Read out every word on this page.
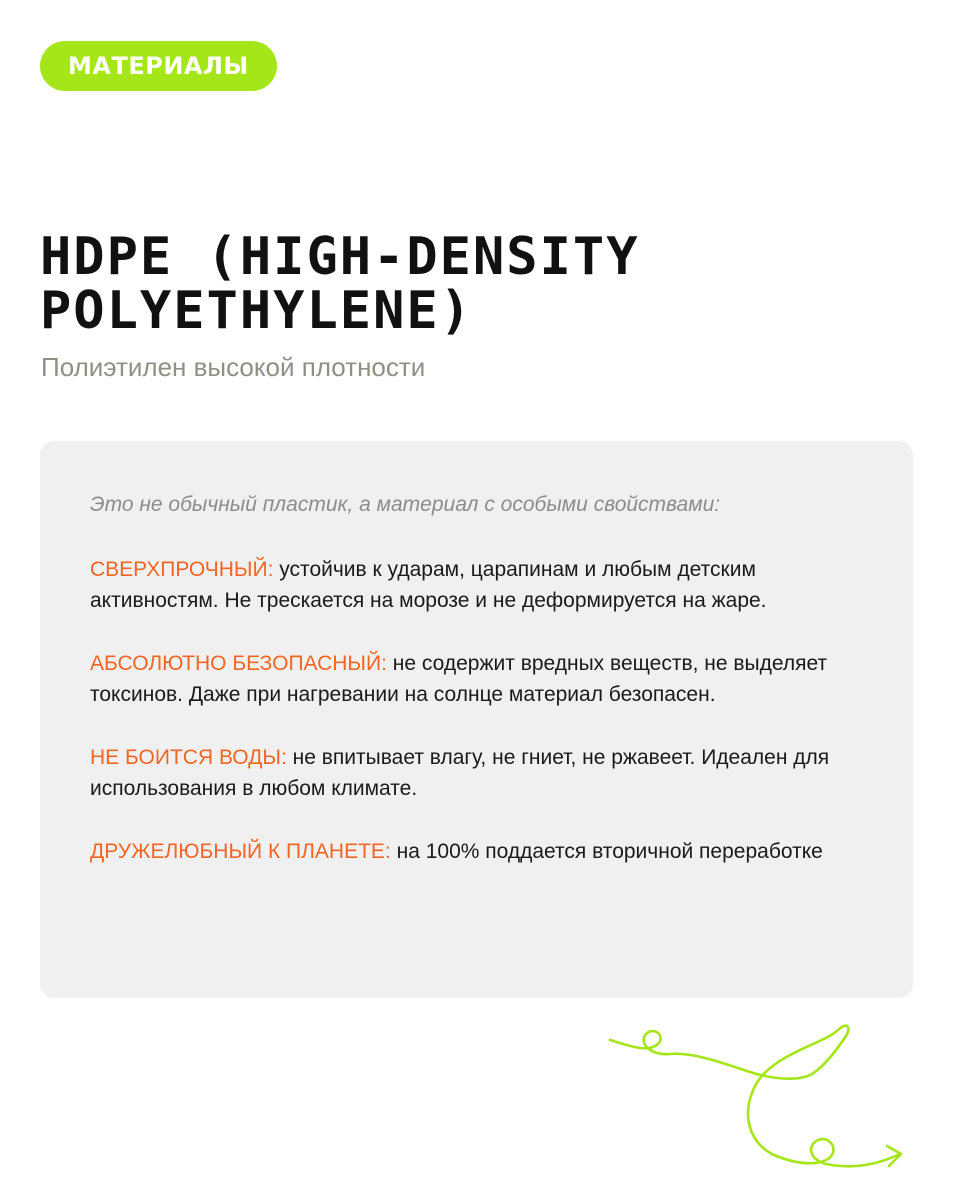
МАТЕРИАЛЫ
HDPE (HIGH-DENSITY
POLYETHYLENE)
Полиэтилен высокой плотности

Это не обычный пластик, а материал с особыми свойствами:

СВЕРХПРОЧНЫЙ: устойчив к ударам, царапинам и любым детским активностям. Не трескается на морозе и не деформируется на жаре.

АБСОЛЮТНО БЕЗОПАСНЫЙ: не содержит вредных веществ, не выделяет токсинов. Даже при нагревании на солнце материал безопасен.

НЕ БОИТСЯ ВОДЫ: не впитывает влагу, не гниет, не ржавеет. Идеален для использования в любом климате.

ДРУЖЕЛЮБНЫЙ К ПЛАНЕТЕ: на 100% поддается вторичной переработке
